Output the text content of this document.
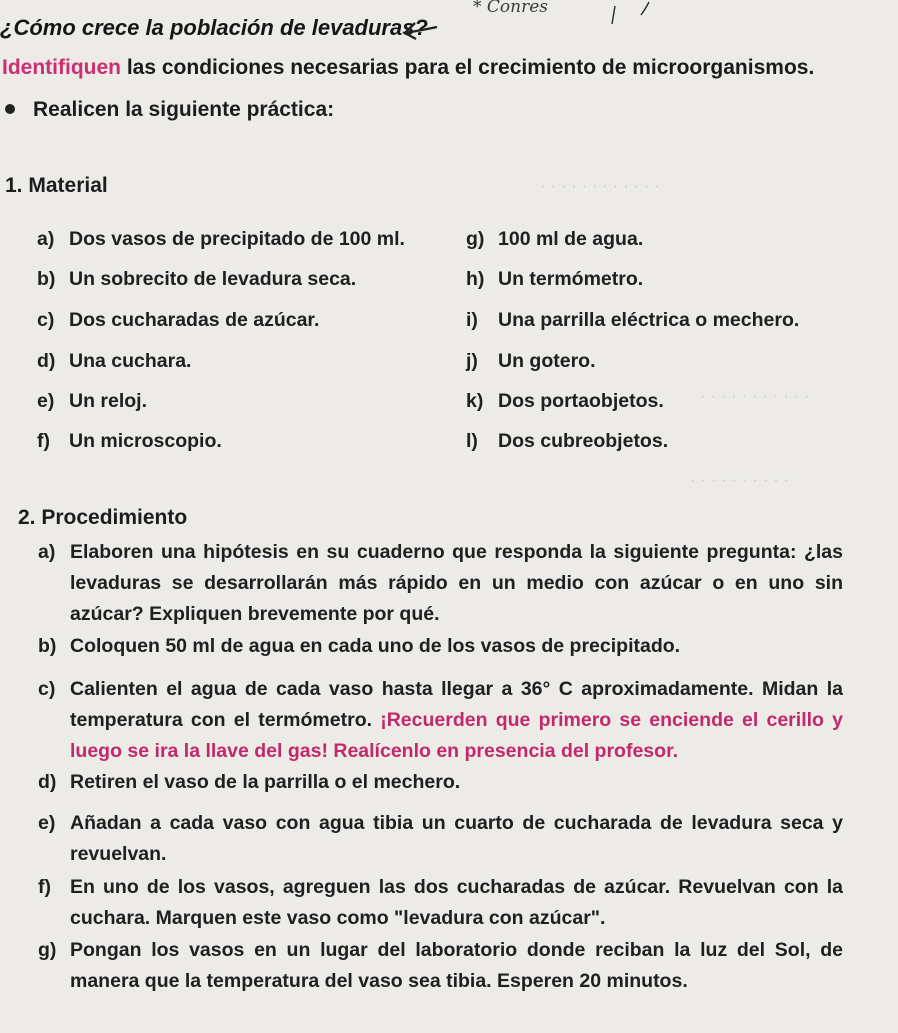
· · · · · · · · · · · ·
· · · · · · · · · · ·
· · · · · · · · · ·
¿Cómo crece la población de levaduras?
* Conres
Identifiquen las condiciones necesarias para el crecimiento de microorganismos.
Realicen la siguiente práctica:
1. Material
a) Dos vasos de precipitado de 100 ml.
b) Un sobrecito de levadura seca.
c) Dos cucharadas de azúcar.
d) Una cuchara.
e) Un reloj.
f) Un microscopio.
g) 100 ml de agua.
h) Un termómetro.
i) Una parrilla eléctrica o mechero.
j) Un gotero.
k) Dos portaobjetos.
l) Dos cubreobjetos.
2. Procedimiento
a) Elaboren una hipótesis en su cuaderno que responda la siguiente pregunta: ¿las levaduras se desarrollarán más rápido en un medio con azúcar o en uno sin azúcar? Expliquen brevemente por qué.
b) Coloquen 50 ml de agua en cada uno de los vasos de precipitado.
c) Calienten el agua de cada vaso hasta llegar a 36° C aproximadamente. Midan la temperatura con el termómetro. ¡Recuerden que primero se enciende el cerillo y luego se ira la llave del gas! Realícenlo en presencia del profesor.
d) Retiren el vaso de la parrilla o el mechero.
e) Añadan a cada vaso con agua tibia un cuarto de cucharada de levadura seca y revuelvan.
f) En uno de los vasos, agreguen las dos cucharadas de azúcar. Revuelvan con la cuchara. Marquen este vaso como "levadura con azúcar".
g) Pongan los vasos en un lugar del laboratorio donde reciban la luz del Sol, de manera que la temperatura del vaso sea tibia. Esperen 20 minutos.
